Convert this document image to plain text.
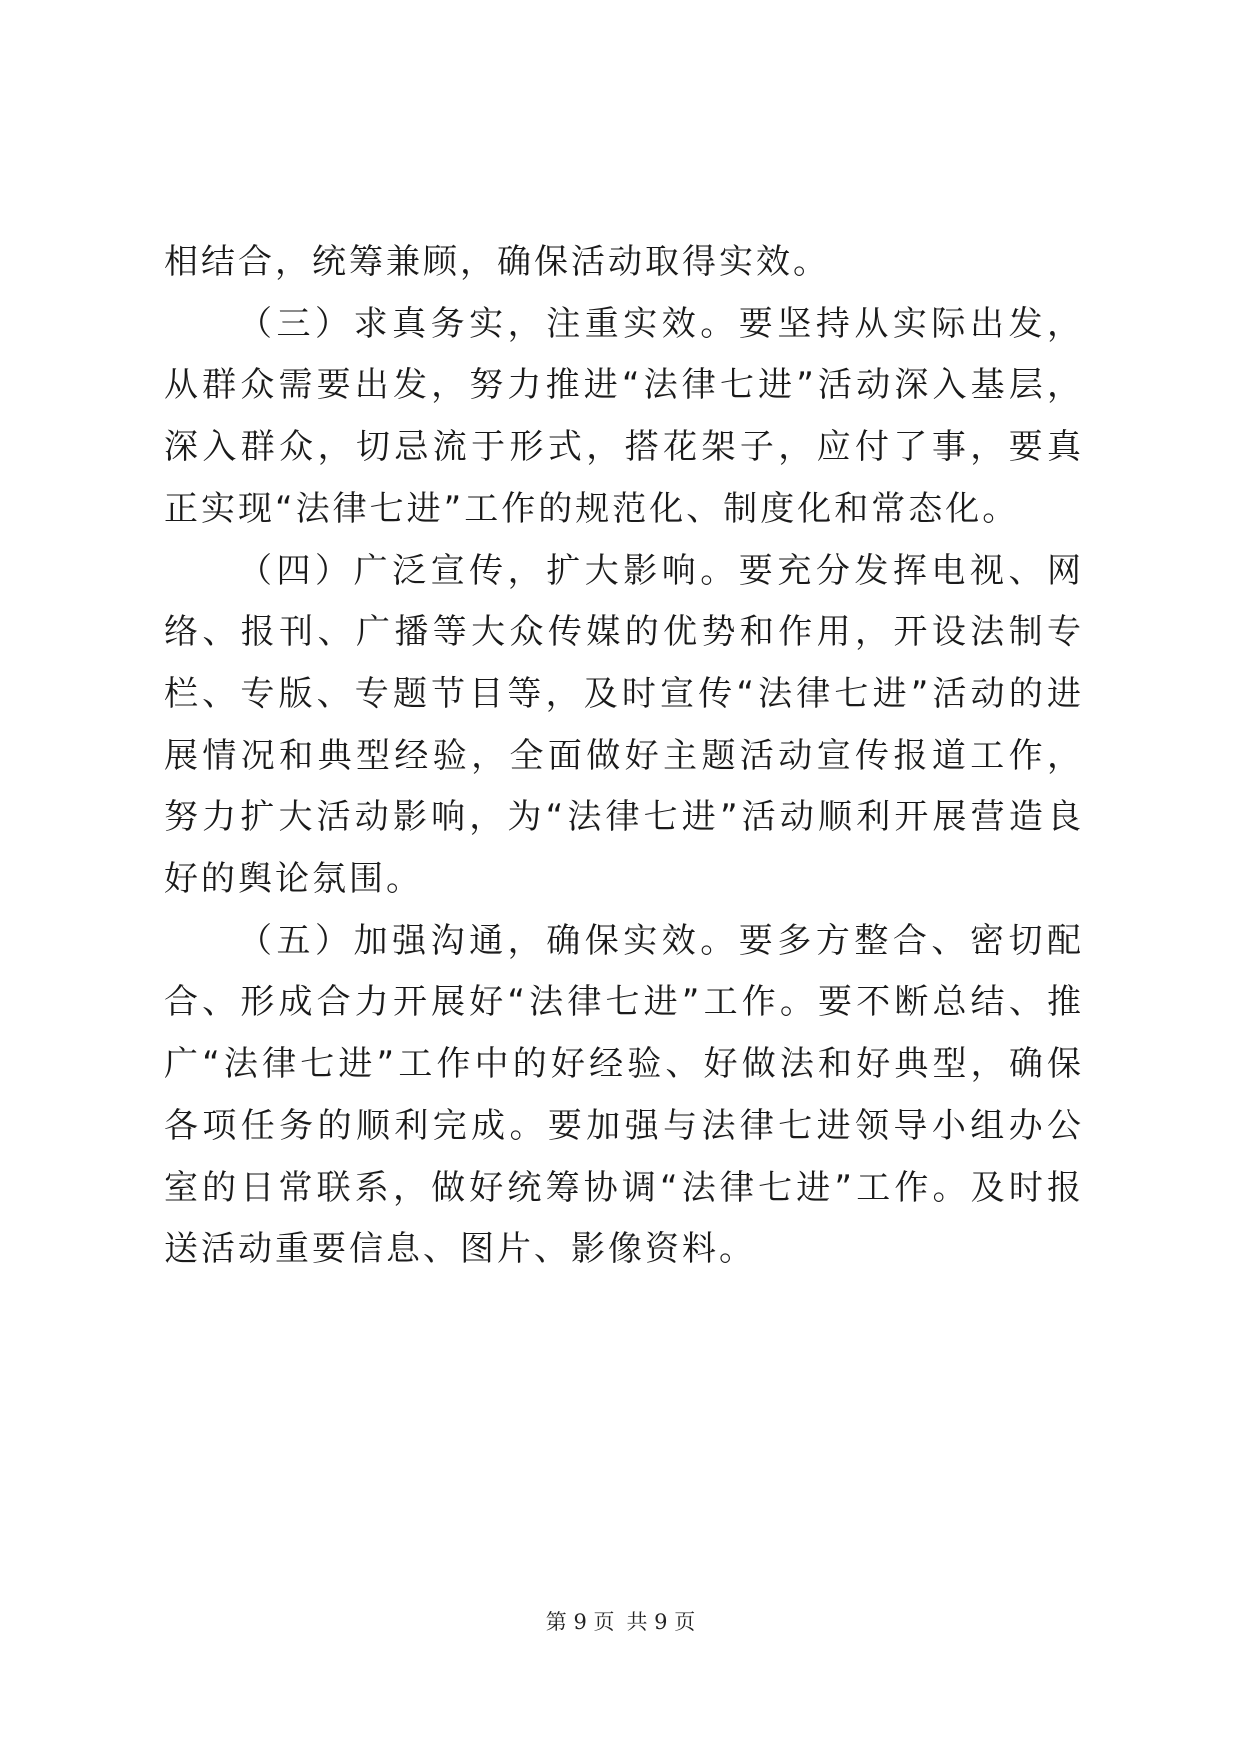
相结合，统筹兼顾，确保活动取得实效。

（三）求真务实，注重实效。要坚持从实际出发，从群众需要出发，努力推进“法律七进”活动深入基层，深入群众，切忌流于形式，搭花架子，应付了事，要真正实现“法律七进”工作的规范化、制度化和常态化。

（四）广泛宣传，扩大影响。要充分发挥电视、网络、报刊、广播等大众传媒的优势和作用，开设法制专栏、专版、专题节目等，及时宣传“法律七进”活动的进展情况和典型经验，全面做好主题活动宣传报道工作，努力扩大活动影响，为“法律七进”活动顺利开展营造良好的舆论氛围。

（五）加强沟通，确保实效。要多方整合、密切配合、形成合力开展好“法律七进”工作。要不断总结、推广“法律七进”工作中的好经验、好做法和好典型，确保各项任务的顺利完成。要加强与法律七进领导小组办公室的日常联系，做好统筹协调“法律七进”工作。及时报送活动重要信息、图片、影像资料。

第 9 页 共 9 页
